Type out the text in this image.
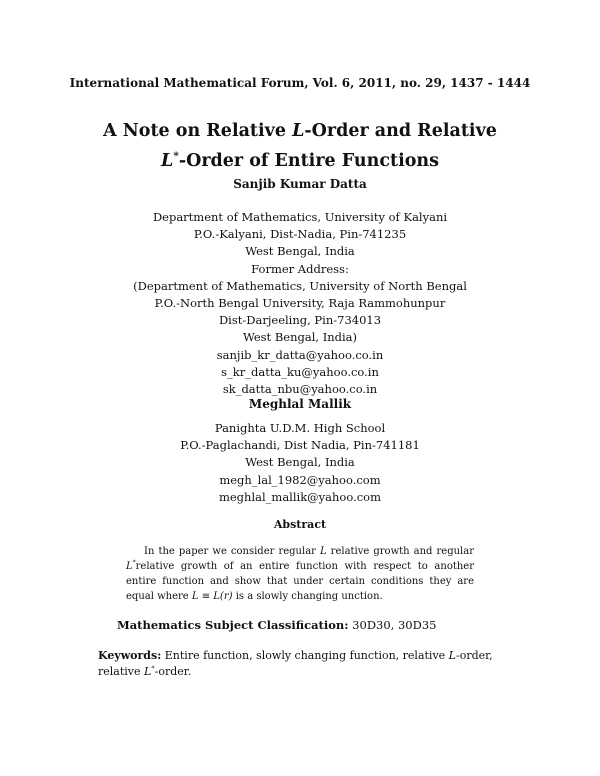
International Mathematical Forum, Vol. 6, 2011, no. 29, 1437 - 1444
A Note on Relative L-Order and Relative
L*-Order of Entire Functions
Sanjib Kumar Datta
Department of Mathematics, University of Kalyani
P.O.-Kalyani, Dist-Nadia, Pin-741235
West Bengal, India
Former Address:
(Department of Mathematics, University of North Bengal
P.O.-North Bengal University, Raja Rammohunpur
Dist-Darjeeling, Pin-734013
West Bengal, India)
sanjib_kr_datta@yahoo.co.in
s_kr_datta_ku@yahoo.co.in
sk_datta_nbu@yahoo.co.in
Meghlal Mallik
Panighta U.D.M. High School
P.O.-Paglachandi, Dist Nadia, Pin-741181
West Bengal, India
megh_lal_1982@yahoo.com
meghlal_mallik@yahoo.com
Abstract

In the paper we consider regular L relative growth and regular L*relative growth of an entire function with respect to another entire function and show that under certain conditions they are equal where L ≡ L(r) is a slowly changing unction.

Mathematics Subject Classification: 30D30, 30D35
Keywords: Entire function, slowly changing function, relative L-order, relative L*-order.
